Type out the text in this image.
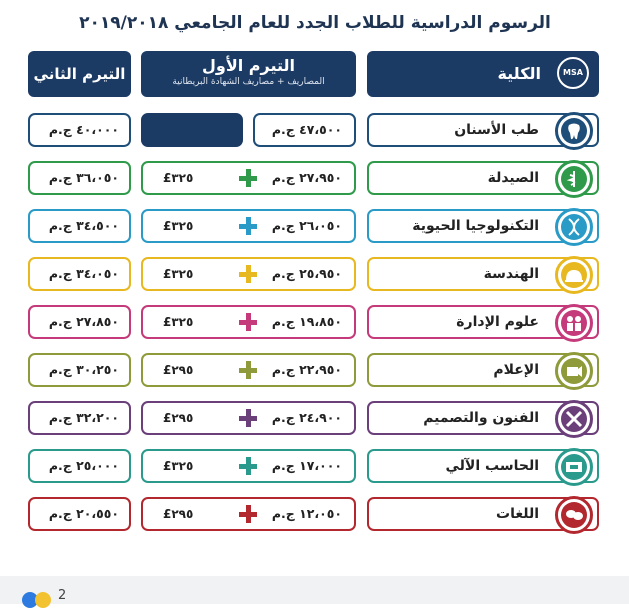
الرسوم الدراسية للطلاب الجدد للعام الجامعي ٢٠١٩/٢٠١٨
MSA
الكلية
التيرم الأول
المصاريف + مصاريف الشهادة البريطانية
التيرم الثاني
طب الأسنان
٤٧،٥٠٠ ج.م
٤٠،٠٠٠ ج.م
الصيدلة
٢٧،٩٥٠ ج.م
£٣٢٥
٣٦،٠٥٠ ج.م
التكنولوجيا الحيوية
٢٦،٠٥٠ ج.م
£٣٢٥
٣٤،٥٠٠ ج.م
الهندسة
٢٥،٩٥٠ ج.م
£٣٢٥
٣٤،٠٥٠ ج.م
علوم الإدارة
١٩،٨٥٠ ج.م
£٣٢٥
٢٧،٨٥٠ ج.م
الإعلام
٢٢،٩٥٠ ج.م
£٢٩٥
٣٠،٢٥٠ ج.م
الفنون والتصميم
٢٤،٩٠٠ ج.م
£٢٩٥
٣٢،٢٠٠ ج.م
الحاسب الآلي
١٧،٠٠٠ ج.م
£٣٢٥
٢٥،٠٠٠ ج.م
اللغات
١٢،٠٥٠ ج.م
£٢٩٥
٢٠،٥٥٠ ج.م
2
